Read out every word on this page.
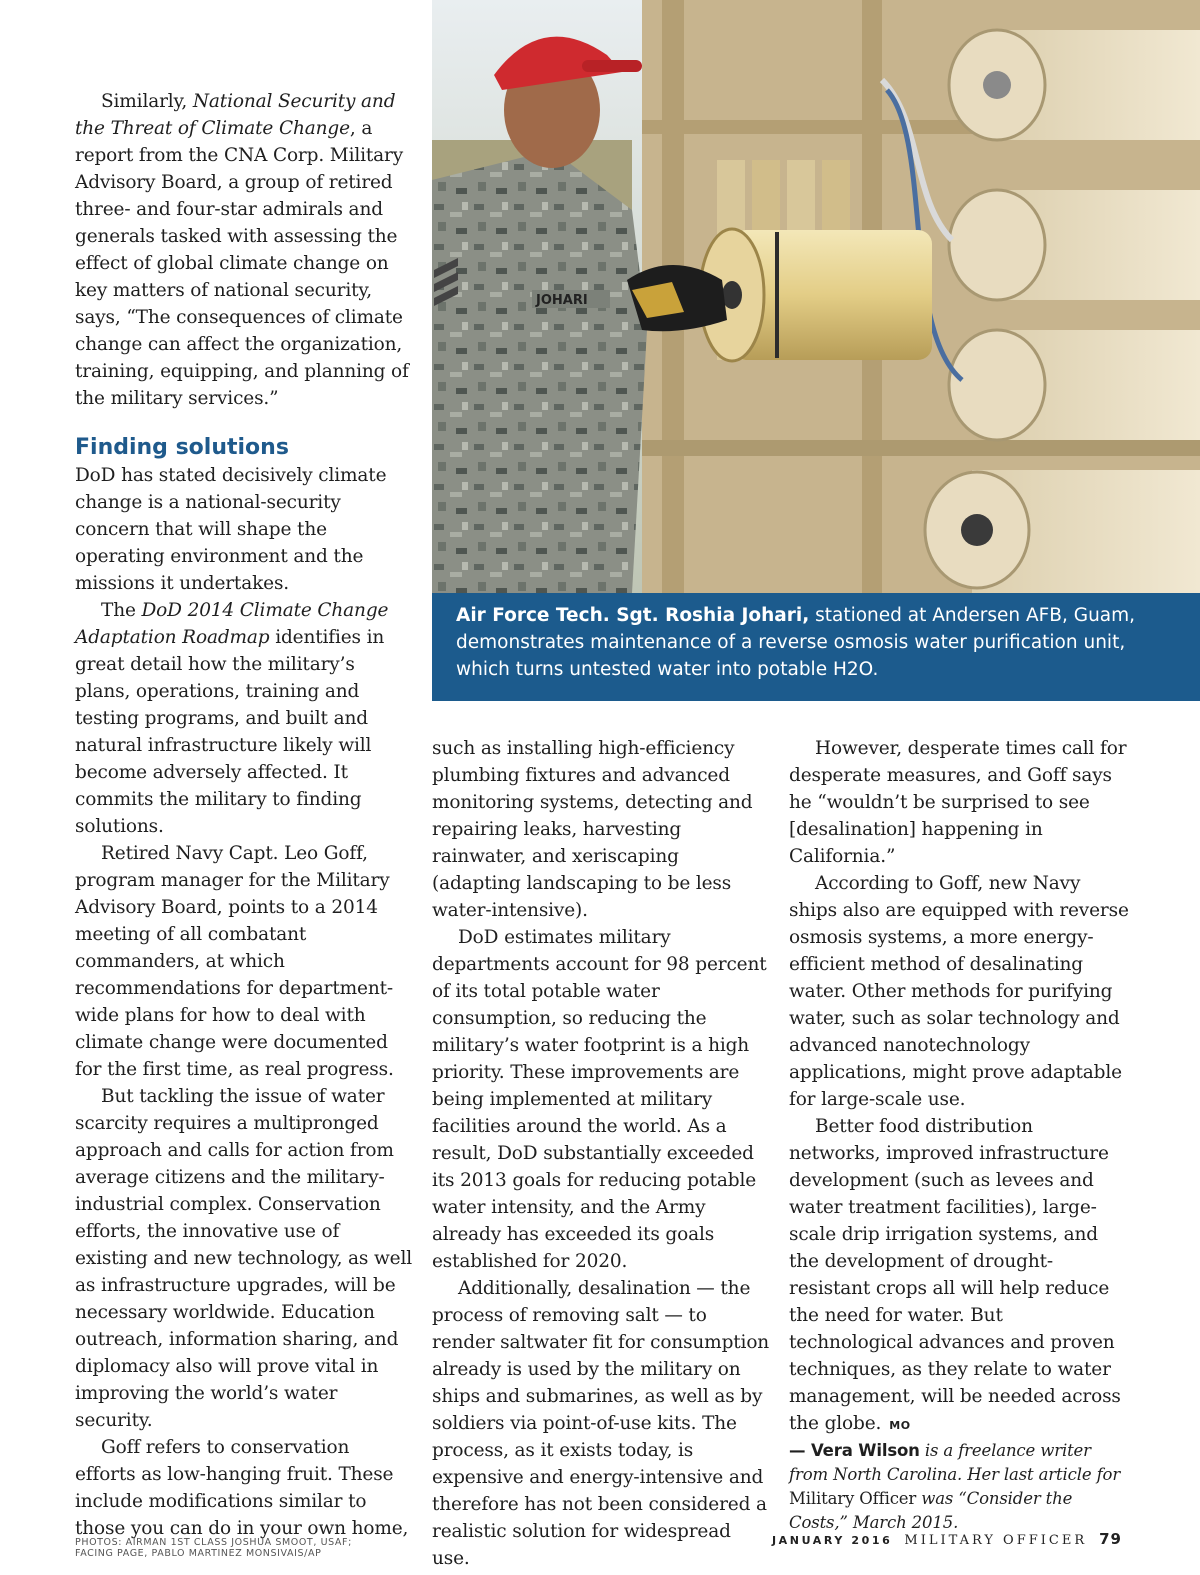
Similarly, National Security and the Threat of Climate Change, a report from the CNA Corp. Military Advisory Board, a group of retired three- and four-star admirals and generals tasked with assessing the effect of global climate change on key matters of national security, says, “The consequences of climate change can affect the organization, training, equipping, and planning of the military services.”

Finding solutions

DoD has stated decisively climate change is a national-security concern that will shape the operating environment and the missions it undertakes.

The DoD 2014 Climate Change Adaptation Roadmap identifies in great detail how the military’s plans, operations, training and testing programs, and built and natural infrastructure likely will become adversely affected. It commits the military to finding solutions.

Retired Navy Capt. Leo Goff, program manager for the Military Advisory Board, points to a 2014 meeting of all combatant commanders, at which recommendations for department-wide plans for how to deal with climate change were documented for the first time, as real progress.

But tackling the issue of water scarcity requires a multipronged approach and calls for action from average citizens and the military-industrial complex. Conservation efforts, the innovative use of existing and new technology, as well as infrastructure upgrades, will be necessary worldwide. Education outreach, information sharing, and diplomacy also will prove vital in improving the world’s water security.

Goff refers to conservation efforts as low-hanging fruit. These include modifications similar to those you can do in your own home,

JOHARI
Air Force Tech. Sgt. Roshia Johari, stationed at Andersen AFB, Guam, demonstrates maintenance of a reverse osmosis water purification unit, which turns untested water into potable H2O.

such as installing high-efficiency plumbing fixtures and advanced monitoring systems, detecting and repairing leaks, harvesting rainwater, and xeriscaping (adapting landscaping to be less water-intensive).

DoD estimates military departments account for 98 percent of its total potable water consumption, so reducing the military’s water footprint is a high priority. These improvements are being implemented at military facilities around the world. As a result, DoD substantially exceeded its 2013 goals for reducing potable water intensity, and the Army already has exceeded its goals established for 2020.

Additionally, desalination — the process of removing salt — to render saltwater fit for consumption already is used by the military on ships and submarines, as well as by soldiers via point-of-use kits. The process, as it exists today, is expensive and energy-intensive and therefore has not been considered a realistic solution for widespread use.

However, desperate times call for desperate measures, and Goff says he “wouldn’t be surprised to see [desalination] happening in California.”

According to Goff, new Navy ships also are equipped with reverse osmosis systems, a more energy-efficient method of desalinating water. Other methods for purifying water, such as solar technology and advanced nanotechnology applications, might prove adaptable for large-scale use.

Better food distribution networks, improved infrastructure development (such as levees and water treatment facilities), large-scale drip irrigation systems, and the development of drought-resistant crops all will help reduce the need for water. But technological advances and proven techniques, as they relate to water management, will be needed across the globe. MO

— Vera Wilson is a freelance writer from North Carolina. Her last article for Military Officer was “Consider the Costs,” March 2015.

PHOTOS: AIRMAN 1ST CLASS JOSHUA SMOOT, USAF;
FACING PAGE, PABLO MARTINEZ MONSIVAIS/AP
JANUARY 2016 MILITARY OFFICER 79
